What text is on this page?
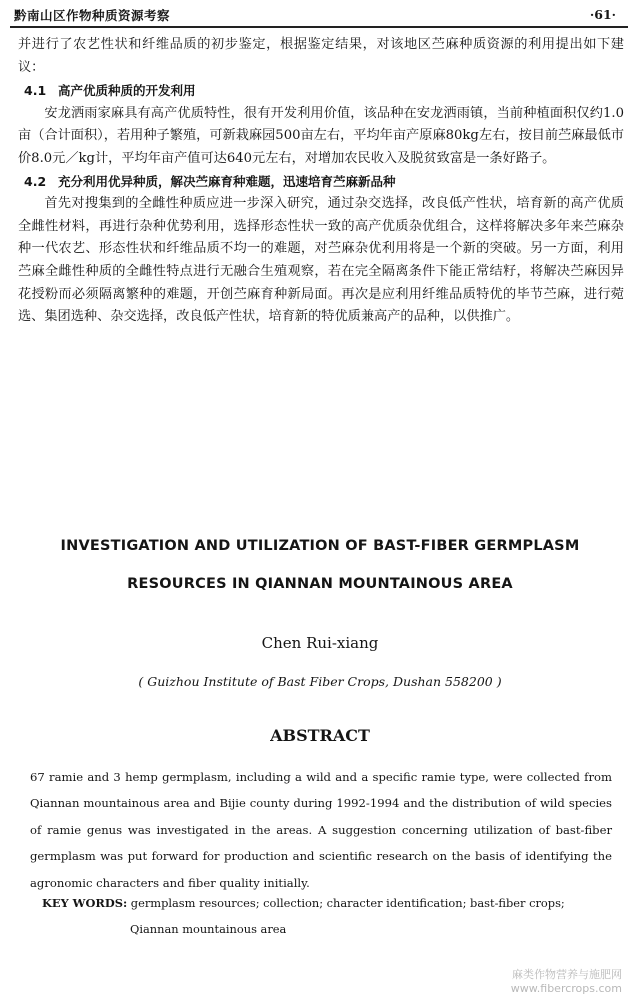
黔南山区作物种质资源考察	·61·

并进行了农艺性状和纤维品质的初步鉴定，根据鉴定结果，对该地区苎麻种质资源的利用提出如下建议：

4.1 高产优质种质的开发利用

安龙洒雨家麻具有高产优质特性，很有开发利用价值，该品种在安龙洒雨镇，当前种植面积仅约1.0亩（合计面积），若用种子繁殖，可新栽麻园500亩左右，平均年亩产原麻80kg左右，按目前苎麻最低市价8.0元／kg计，平均年亩产值可达640元左右，对增加农民收入及脱贫致富是一条好路子。

4.2 充分利用优异种质，解决苎麻育种难题，迅速培育苎麻新品种

首先对搜集到的全雌性种质应进一步深入研究，通过杂交选择，改良低产性状，培育新的高产优质全雌性材料，再进行杂种优势利用，选择形态性状一致的高产优质杂优组合，这样将解决多年来苎麻杂种一代农艺、形态性状和纤维品质不均一的难题，对苎麻杂优利用将是一个新的突破。另一方面，利用苎麻全雌性种质的全雌性特点进行无融合生殖观察，若在完全隔离条件下能正常结籽，将解决苎麻因异花授粉而必须隔离繁种的难题，开创苎麻育种新局面。再次是应利用纤维品质特优的毕节苎麻，进行菀选、集团选种、杂交选择，改良低产性状，培育新的特优质兼高产的品种，以供推广。

INVESTIGATION AND UTILIZATION OF BAST-FIBER GERMPLASM
RESOURCES IN QIANNAN MOUNTAINOUS AREA
Chen Rui-xiang
( Guizhou Institute of Bast Fiber Crops, Dushan 558200 )
ABSTRACT
67 ramie and 3 hemp germplasm, including a wild and a specific ramie type, were collected from Qiannan mountainous area and Bijie county during 1992-1994 and the distribution of wild species of ramie genus was investigated in the areas. A suggestion concerning utilization of bast-fiber germplasm was put forward for production and scientific research on the basis of identifying the agronomic characters and fiber quality initially.
KEY WORDS: germplasm resources; collection; character identification; bast-fiber crops;
Qiannan mountainous area
麻类作物营养与施肥网
www.fibercrops.com
